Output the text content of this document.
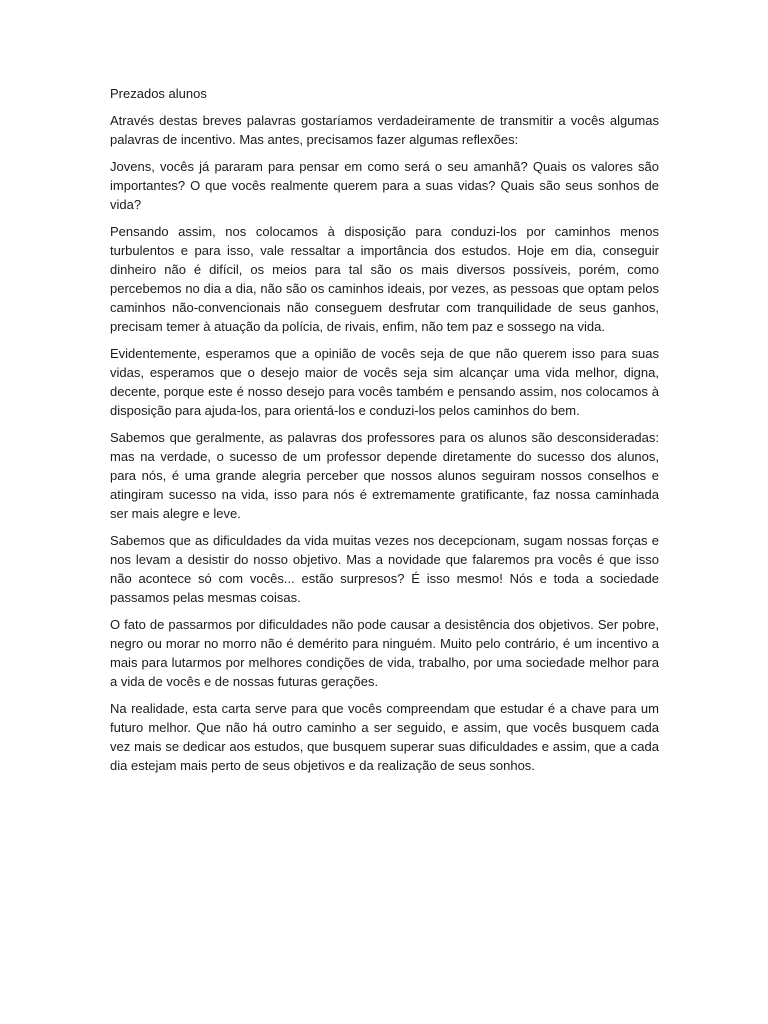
Prezados alunos

Através destas breves palavras gostaríamos verdadeiramente de transmitir a vocês algumas palavras de incentivo. Mas antes, precisamos fazer algumas reflexões:

Jovens, vocês já pararam para pensar em como será o seu amanhã? Quais os valores são importantes? O que vocês realmente querem para a suas vidas? Quais são seus sonhos de vida?

Pensando assim, nos colocamos à disposição para conduzi-los por caminhos menos turbulentos e para isso, vale ressaltar a importância dos estudos. Hoje em dia, conseguir dinheiro não é difícil, os meios para tal são os mais diversos possíveis, porém, como percebemos no dia a dia, não são os caminhos ideais, por vezes, as pessoas que optam pelos caminhos não-convencionais não conseguem desfrutar com tranquilidade de seus ganhos, precisam temer à atuação da polícia, de rivais, enfim, não tem paz e sossego na vida.

Evidentemente, esperamos que a opinião de vocês seja de que não querem isso para suas vidas, esperamos que o desejo maior de vocês seja sim alcançar uma vida melhor, digna, decente, porque este é nosso desejo para vocês também e pensando assim, nos colocamos à disposição para ajuda-los, para orientá-los e conduzi-los pelos caminhos do bem.

Sabemos que geralmente, as palavras dos professores para os alunos são desconsideradas: mas na verdade, o sucesso de um professor depende diretamente do sucesso dos alunos, para nós, é uma grande alegria perceber que nossos alunos seguiram nossos conselhos e atingiram sucesso na vida, isso para nós é extremamente gratificante, faz nossa caminhada ser mais alegre e leve.

Sabemos que as dificuldades da vida muitas vezes nos decepcionam, sugam nossas forças e nos levam a desistir do nosso objetivo. Mas a novidade que falaremos pra vocês é que isso não acontece só com vocês... estão surpresos? É isso mesmo! Nós e toda a sociedade passamos pelas mesmas coisas.

O fato de passarmos por dificuldades não pode causar a desistência dos objetivos. Ser pobre, negro ou morar no morro não é demérito para ninguém. Muito pelo contrário, é um incentivo a mais para lutarmos por melhores condições de vida, trabalho, por uma sociedade melhor para a vida de vocês e de nossas futuras gerações.

Na realidade, esta carta serve para que vocês compreendam que estudar é a chave para um futuro melhor. Que não há outro caminho a ser seguido, e assim, que vocês busquem cada vez mais se dedicar aos estudos, que busquem superar suas dificuldades e assim, que a cada dia estejam mais perto de seus objetivos e da realização de seus sonhos.
